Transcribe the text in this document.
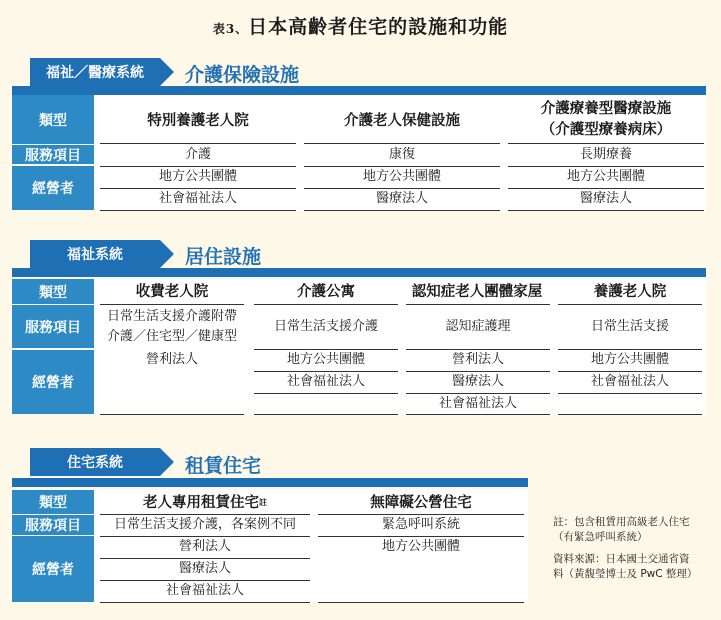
表3、日本高齡者住宅的設施和功能
福祉／醫療系統 介護保險設施
類型
服務項目
經營者
特別養護老人院
介護
地方公共團體
社會福祉法人
介護老人保健設施
康復
地方公共團體
醫療法人
介護療養型醫療設施
（介護型療養病床）
長期療養
地方公共團體
醫療法人
福祉系統	居住設施
類型
服務項目
經營者
收費老人院
日常生活支援介護附帶
介護／住宅型／健康型
營利法人
介護公寓
日常生活支援介護
地方公共團體
社會福祉法人
認知症老人團體家屋
認知症護理
營利法人
醫療法人
社會福祉法人
養護老人院
日常生活支援
地方公共團體
社會福祉法人
住宅系統	租賃住宅
類型
服務項目
經營者
老人專用租賃住宅 註
日常生活支援介護，各案例不同
營利法人
醫療法人
社會福祉法人
無障礙公營住宅
緊急呼叫系統
地方公共團體
註：包含租賃用高級老人住宅
（有緊急呼叫系統）
資料來源：日本國土交通省資
料（黃馥瑩博士及 PwC 整理）
